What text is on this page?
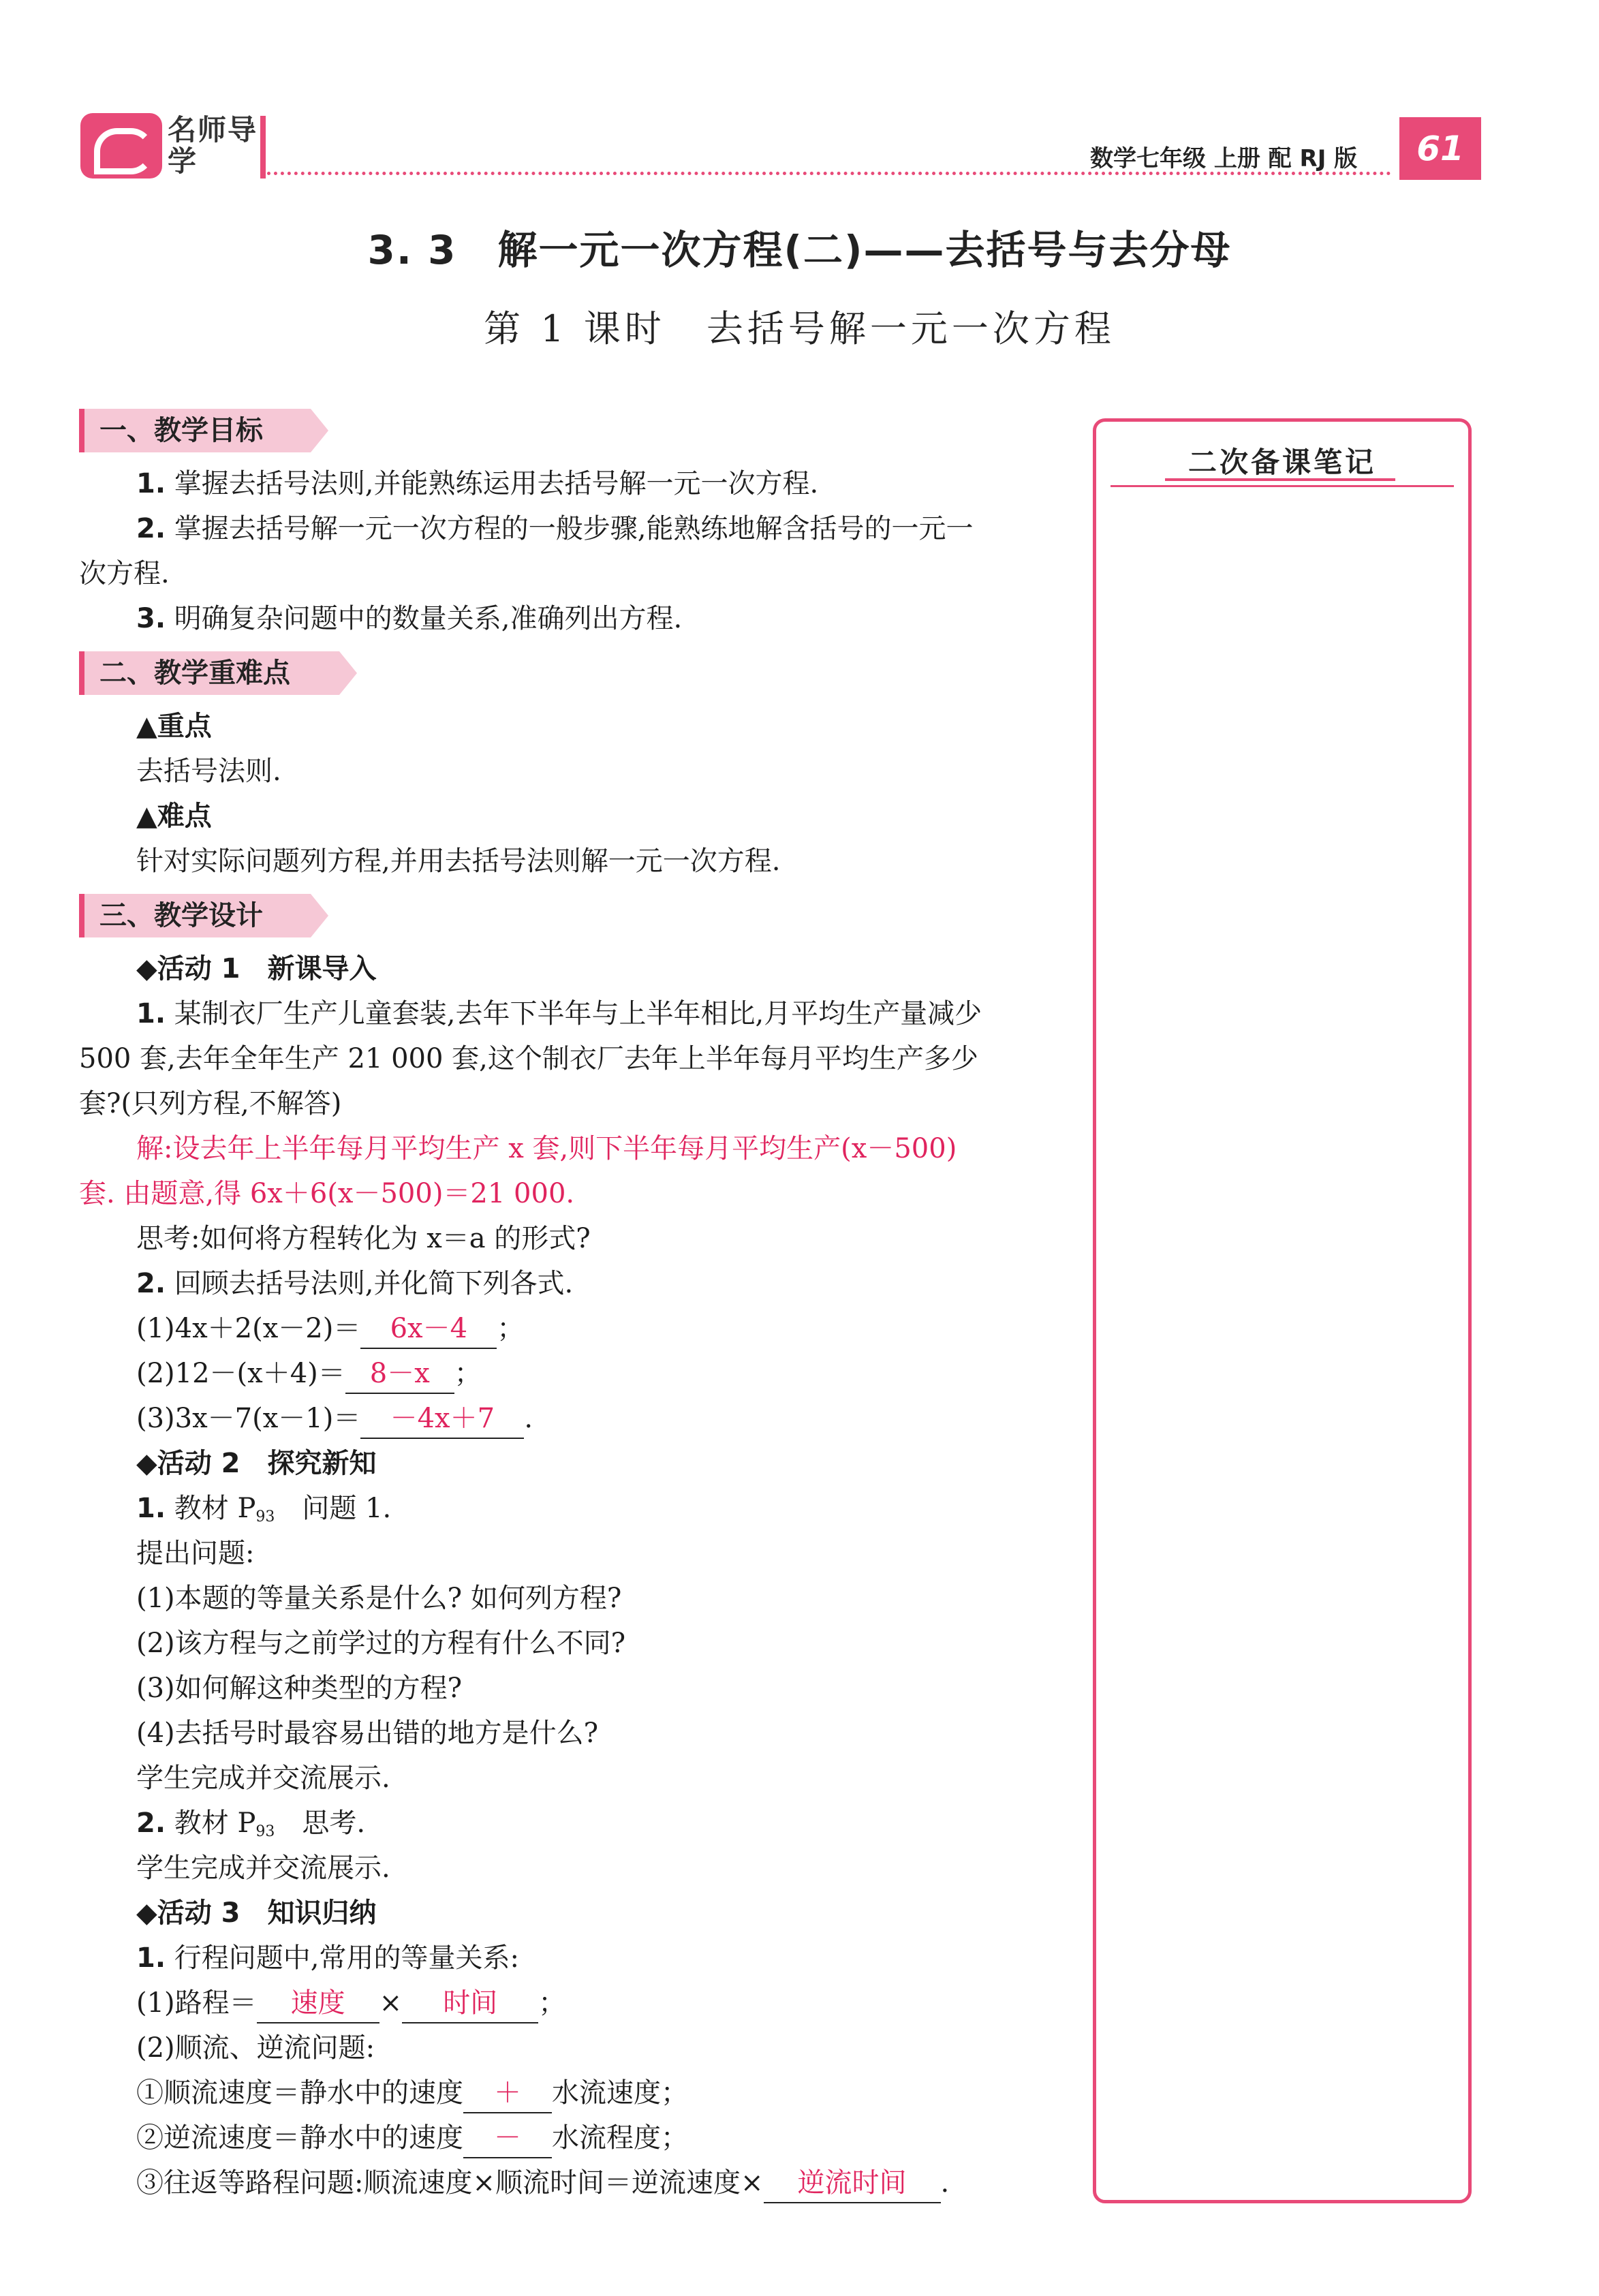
名师导学	数学七年级 上册 配 RJ 版	61
3. 3　解一元一次方程(二)——去括号与去分母
第 1 课时　去括号解一元一次方程
二次备课笔记
一、教学目标
1. 掌握去括号法则,并能熟练运用去括号解一元一次方程.
2. 掌握去括号解一元一次方程的一般步骤,能熟练地解含括号的一元一
次方程.
3. 明确复杂问题中的数量关系,准确列出方程.
二、教学重难点
▲重点
去括号法则.
▲难点
针对实际问题列方程,并用去括号法则解一元一次方程.
三、教学设计
◆活动 1　新课导入
1. 某制衣厂生产儿童套装,去年下半年与上半年相比,月平均生产量减少
500 套,去年全年生产 21 000 套,这个制衣厂去年上半年每月平均生产多少
套?(只列方程,不解答)
解:设去年上半年每月平均生产 x 套,则下半年每月平均生产(x－500)
套. 由题意,得 6x＋6(x－500)＝21 000.
思考:如何将方程转化为 x＝a 的形式?
2. 回顾去括号法则,并化简下列各式.
(1)4x＋2(x－2)＝ 6x－4 ；
(2)12－(x＋4)＝ 8－x ；
(3)3x－7(x－1)＝ －4x＋7 .
◆活动 2　探究新知
1. 教材 $P_{93}$　问题 1.
提出问题:
(1)本题的等量关系是什么? 如何列方程?
(2)该方程与之前学过的方程有什么不同?
(3)如何解这种类型的方程?
(4)去括号时最容易出错的地方是什么?
学生完成并交流展示.
2. 教材 $P_{93}$　思考.
学生完成并交流展示.
◆活动 3　知识归纳
1. 行程问题中,常用的等量关系:
(1)路程＝ 速度 × 时间 ；
(2)顺流、逆流问题:
①顺流速度＝静水中的速度 ＋ 水流速度；
②逆流速度＝静水中的速度 － 水流程度；
③往返等路程问题:顺流速度×顺流时间＝逆流速度× 逆流时间 .
